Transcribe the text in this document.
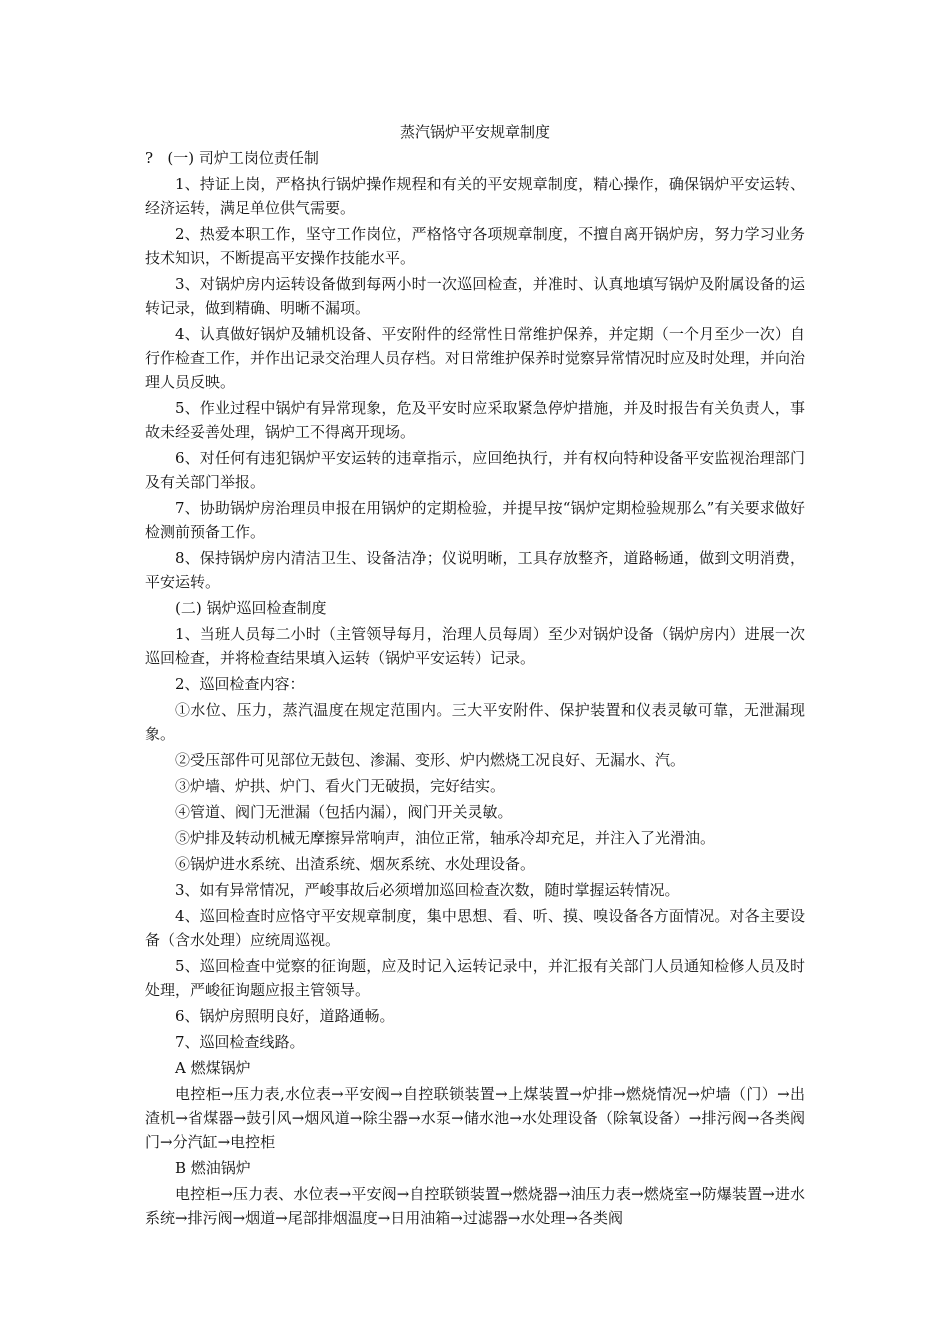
蒸汽锅炉平安规章制度

? (一) 司炉工岗位责任制

1、持证上岗，严格执行锅炉操作规程和有关的平安规章制度，精心操作，确保锅炉平安运转、经济运转，满足单位供气需要。

2、热爱本职工作，坚守工作岗位，严格恪守各项规章制度，不擅自离开锅炉房，努力学习业务技术知识，不断提高平安操作技能水平。

3、对锅炉房内运转设备做到每两小时一次巡回检查，并准时、认真地填写锅炉及附属设备的运转记录，做到精确、明晰不漏项。

4、认真做好锅炉及辅机设备、平安附件的经常性日常维护保养，并定期（一个月至少一次）自行作检查工作，并作出记录交治理人员存档。对日常维护保养时觉察异常情况时应及时处理，并向治理人员反映。

5、作业过程中锅炉有异常现象，危及平安时应采取紧急停炉措施，并及时报告有关负责人，事故未经妥善处理，锅炉工不得离开现场。

6、对任何有违犯锅炉平安运转的违章指示，应回绝执行，并有权向特种设备平安监视治理部门及有关部门举报。

7、协助锅炉房治理员申报在用锅炉的定期检验，并提早按“锅炉定期检验规那么”有关要求做好检测前预备工作。

8、保持锅炉房内清洁卫生、设备洁净；仪说明晰，工具存放整齐，道路畅通，做到文明消费，平安运转。

(二) 锅炉巡回检查制度

1、当班人员每二小时（主管领导每月，治理人员每周）至少对锅炉设备（锅炉房内）进展一次巡回检查，并将检查结果填入运转（锅炉平安运转）记录。

2、巡回检查内容：

①水位、压力，蒸汽温度在规定范围内。三大平安附件、保护装置和仪表灵敏可靠，无泄漏现象。

②受压部件可见部位无鼓包、渗漏、变形、炉内燃烧工况良好、无漏水、汽。

③炉墙、炉拱、炉门、看火门无破损，完好结实。

④管道、阀门无泄漏（包括内漏），阀门开关灵敏。

⑤炉排及转动机械无摩擦异常响声，油位正常，轴承冷却充足，并注入了光滑油。

⑥锅炉进水系统、出渣系统、烟灰系统、水处理设备。

3、如有异常情况，严峻事故后必须增加巡回检查次数，随时掌握运转情况。

4、巡回检查时应恪守平安规章制度，集中思想、看、听、摸、嗅设备各方面情况。对各主要设备（含水处理）应统周巡视。

5、巡回检查中觉察的征询题，应及时记入运转记录中，并汇报有关部门人员通知检修人员及时处理，严峻征询题应报主管领导。

6、锅炉房照明良好，道路通畅。

7、巡回检查线路。

A 燃煤锅炉

电控柜→压力表,水位表→平安阀→自控联锁装置→上煤装置→炉排→燃烧情况→炉墙（门）→出渣机→省煤器→鼓引风→烟风道→除尘器→水泵→储水池→水处理设备（除氧设备）→排污阀→各类阀门→分汽缸→电控柜

B 燃油锅炉

电控柜→压力表、水位表→平安阀→自控联锁装置→燃烧器→油压力表→燃烧室→防爆装置→进水系统→排污阀→烟道→尾部排烟温度→日用油箱→过滤器→水处理→各类阀
